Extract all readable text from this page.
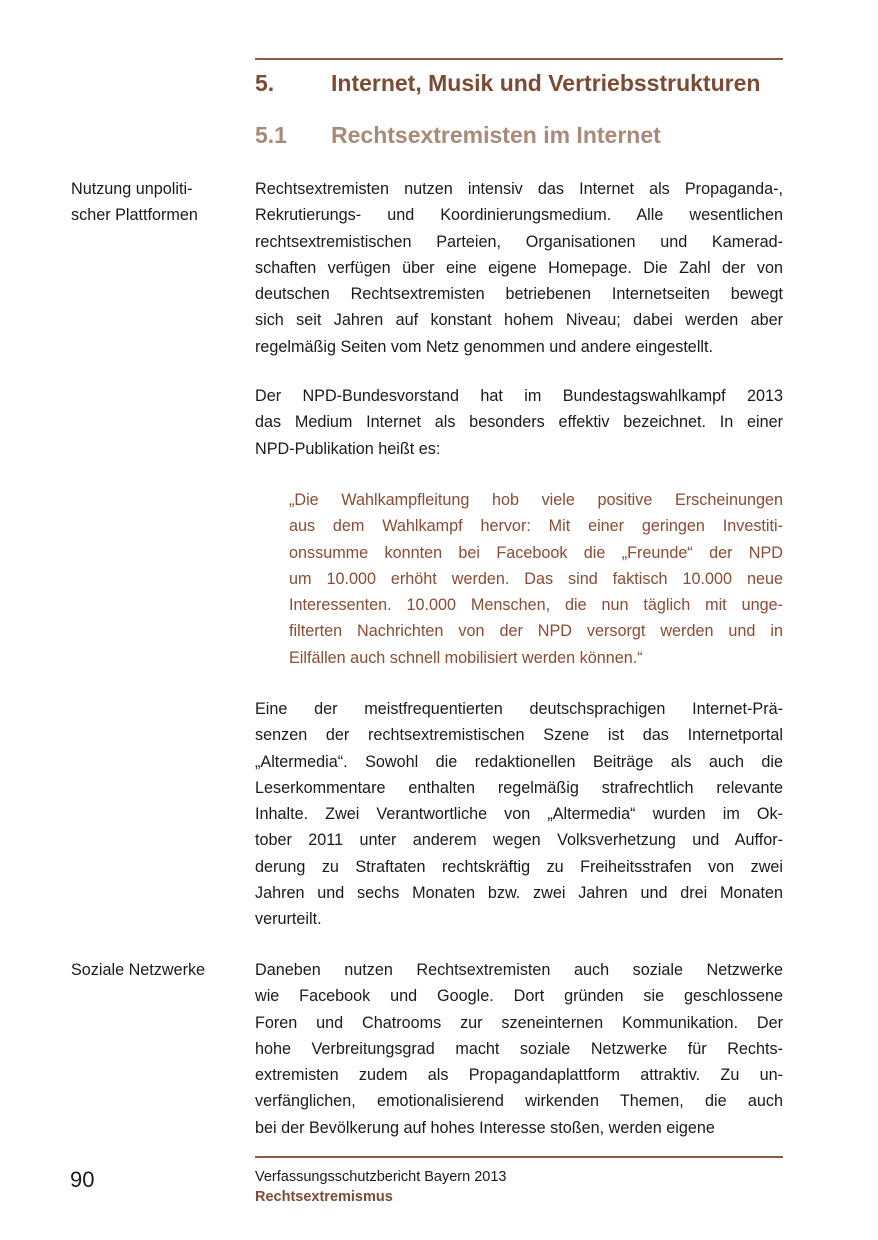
5. Internet, Musik und Vertriebsstrukturen
5.1 Rechtsextremisten im Internet
Nutzung unpoliti-
scher Plattformen
Soziale Netzwerke
Rechtsextremisten nutzen intensiv das Internet als Propaganda-,
Rekrutierungs- und Koordinierungsmedium. Alle wesentlichen
rechtsextremistischen Parteien, Organisationen und Kamerad-
schaften verfügen über eine eigene Homepage. Die Zahl der von
deutschen Rechtsextremisten betriebenen Internetseiten bewegt
sich seit Jahren auf konstant hohem Niveau; dabei werden aber
regelmäßig Seiten vom Netz genommen und andere eingestellt.
Der NPD-Bundesvorstand hat im Bundestagswahlkampf 2013
das Medium Internet als besonders effektiv bezeichnet. In einer
NPD-Publikation heißt es:
„Die Wahlkampfleitung hob viele positive Erscheinungen
aus dem Wahlkampf hervor: Mit einer geringen Investiti-
onssumme konnten bei Facebook die „Freunde“ der NPD
um 10.000 erhöht werden. Das sind faktisch 10.000 neue
Interessenten. 10.000 Menschen, die nun täglich mit unge-
filterten Nachrichten von der NPD versorgt werden und in
Eilfällen auch schnell mobilisiert werden können.“
Eine der meistfrequentierten deutschsprachigen Internet-Prä-
senzen der rechtsextremistischen Szene ist das Internetportal
„Altermedia“. Sowohl die redaktionellen Beiträge als auch die
Leserkommentare enthalten regelmäßig strafrechtlich relevante
Inhalte. Zwei Verantwortliche von „Altermedia“ wurden im Ok-
tober 2011 unter anderem wegen Volksverhetzung und Auffor-
derung zu Straftaten rechtskräftig zu Freiheitsstrafen von zwei
Jahren und sechs Monaten bzw. zwei Jahren und drei Monaten
verurteilt.
Daneben nutzen Rechtsextremisten auch soziale Netzwerke
wie Facebook und Google. Dort gründen sie geschlossene
Foren und Chatrooms zur szeneinternen Kommunikation. Der
hohe Verbreitungsgrad macht soziale Netzwerke für Rechts-
extremisten zudem als Propagandaplattform attraktiv. Zu un-
verfänglichen, emotionalisierend wirkenden Themen, die auch
bei der Bevölkerung auf hohes Interesse stoßen, werden eigene
90	Verfassungsschutzbericht Bayern 2013
Rechtsextremismus
